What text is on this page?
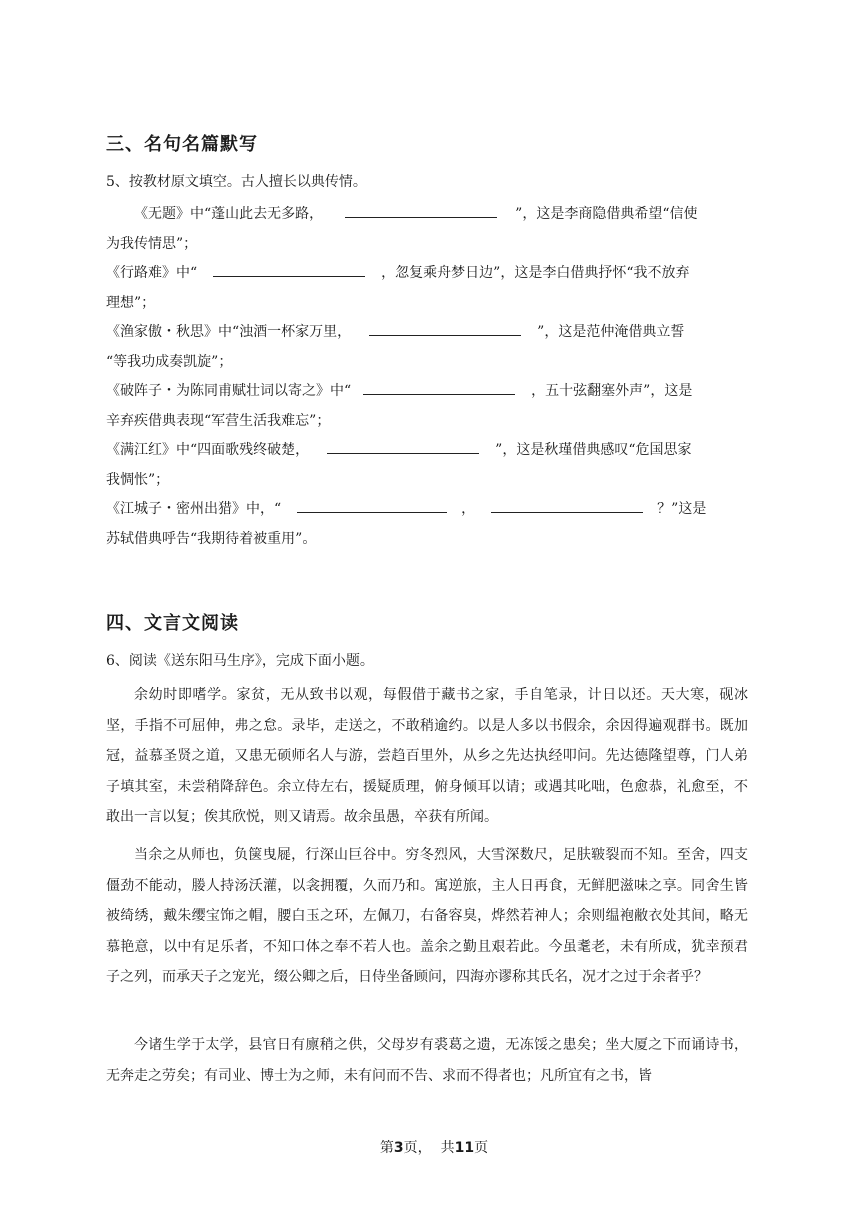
三、名句名篇默写
5、按教材原文填空。古人擅长以典传情。
《无题》中“蓬山此去无多路，	”，这是李商隐借典希望“信使
为我传情思”；
《行路难》中“	，忽复乘舟梦日边”，这是李白借典抒怀“我不放弃
理想”；
《渔家傲・秋思》中“浊酒一杯家万里，	”，这是范仲淹借典立誓
“等我功成奏凯旋”；
《破阵子・为陈同甫赋壮词以寄之》中“	，五十弦翻塞外声”，这是
辛弃疾借典表现“军营生活我难忘”；
《满江红》中“四面歌残终破楚，	”，这是秋瑾借典感叹“危国思家
我惆怅”；
《江城子・密州出猎》中，“	，	？”这是
苏轼借典呼告“我期待着被重用”。
四、文言文阅读
6、阅读《送东阳马生序》，完成下面小题。
余幼时即嗜学。家贫，无从致书以观，每假借于藏书之家，手自笔录，计日以还。天大寒，砚冰坚，手指不可屈伸，弗之怠。录毕，走送之，不敢稍逾约。以是人多以书假余，余因得遍观群书。既加冠，益慕圣贤之道，又患无硕师名人与游，尝趋百里外，从乡之先达执经叩问。先达德隆望尊，门人弟子填其室，未尝稍降辞色。余立侍左右，援疑质理，俯身倾耳以请；或遇其叱咄，色愈恭，礼愈至，不敢出一言以复；俟其欣悦，则又请焉。故余虽愚，卒获有所闻。
当余之从师也，负箧曳屣，行深山巨谷中。穷冬烈风，大雪深数尺，足肤皲裂而不知。至舍，四支僵劲不能动，媵人持汤沃灌，以衾拥覆，久而乃和。寓逆旅，主人日再食，无鲜肥滋味之享。同舍生皆被绮绣，戴朱缨宝饰之帽，腰白玉之环，左佩刀，右备容臭，烨然若神人；余则缊袍敝衣处其间，略无慕艳意，以中有足乐者，不知口体之奉不若人也。盖余之勤且艰若此。今虽耄老，未有所成，犹幸预君子之列，而承天子之宠光，缀公卿之后，日侍坐备顾问，四海亦谬称其氏名，况才之过于余者乎？
今诸生学于太学，县官日有廪稍之供，父母岁有裘葛之遗，无冻馁之患矣；坐大厦之下而诵诗书，无奔走之劳矣；有司业、博士为之师，未有问而不告、求而不得者也；凡所宜有之书，皆
第3页，  共11页
